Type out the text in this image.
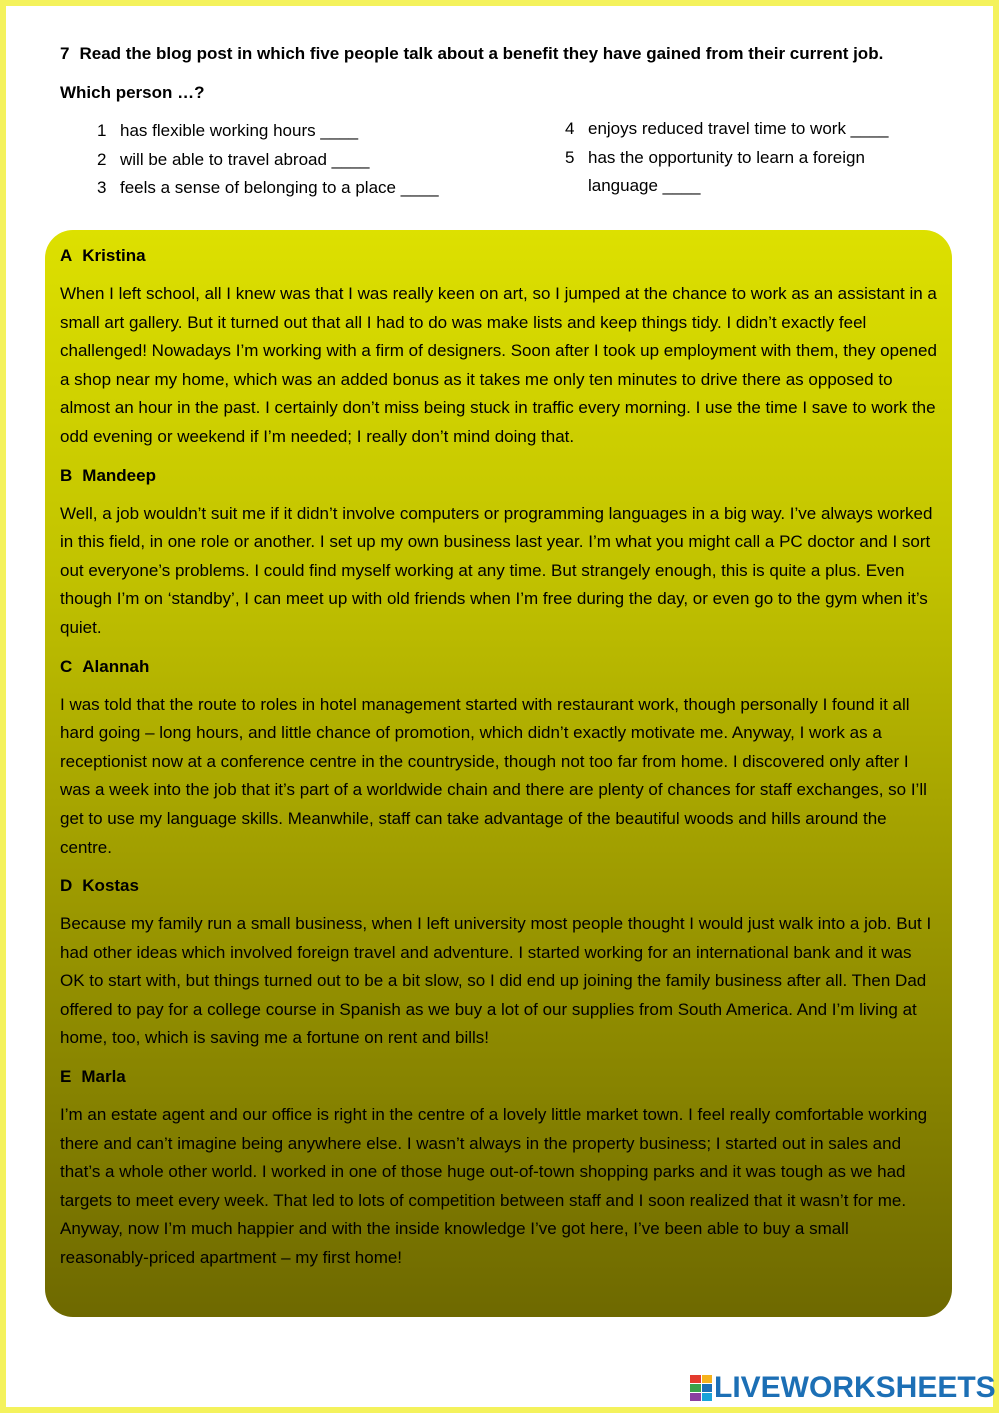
7 Read the blog post in which five people talk about a benefit they have gained from their current job.
Which person …?
1 has flexible working hours ____
2 will be able to travel abroad ____
3 feels a sense of belonging to a place ____
4 enjoys reduced travel time to work ____
5 has the opportunity to learn a foreign language ____
A Kristina

When I left school, all I knew was that I was really keen on art, so I jumped at the chance to work as an assistant in a small art gallery. But it turned out that all I had to do was make lists and keep things tidy. I didn’t exactly feel challenged! Nowadays I’m working with a firm of designers. Soon after I took up employment with them, they opened a shop near my home, which was an added bonus as it takes me only ten minutes to drive there as opposed to almost an hour in the past. I certainly don’t miss being stuck in traffic every morning. I use the time I save to work the odd evening or weekend if I’m needed; I really don’t mind doing that.

B Mandeep

Well, a job wouldn’t suit me if it didn’t involve computers or programming languages in a big way. I’ve always worked in this field, in one role or another. I set up my own business last year. I’m what you might call a PC doctor and I sort out everyone’s problems. I could find myself working at any time. But strangely enough, this is quite a plus. Even though I’m on ‘standby’, I can meet up with old friends when I’m free during the day, or even go to the gym when it’s quiet.

C Alannah

I was told that the route to roles in hotel management started with restaurant work, though personally I found it all hard going – long hours, and little chance of promotion, which didn’t exactly motivate me. Anyway, I work as a receptionist now at a conference centre in the countryside, though not too far from home. I discovered only after I was a week into the job that it’s part of a worldwide chain and there are plenty of chances for staff exchanges, so I’ll get to use my language skills. Meanwhile, staff can take advantage of the beautiful woods and hills around the centre.

D Kostas

Because my family run a small business, when I left university most people thought I would just walk into a job. But I had other ideas which involved foreign travel and adventure. I started working for an international bank and it was OK to start with, but things turned out to be a bit slow, so I did end up joining the family business after all. Then Dad offered to pay for a college course in Spanish as we buy a lot of our supplies from South America. And I’m living at home, too, which is saving me a fortune on rent and bills!

E Marla

I’m an estate agent and our office is right in the centre of a lovely little market town. I feel really comfortable working there and can’t imagine being anywhere else. I wasn’t always in the property business; I started out in sales and that’s a whole other world. I worked in one of those huge out-of-town shopping parks and it was tough as we had targets to meet every week. That led to lots of competition between staff and I soon realized that it wasn’t for me. Anyway, now I’m much happier and with the inside knowledge I’ve got here, I’ve been able to buy a small reasonably-priced apartment – my first home!

LIVEWORKSHEETS
